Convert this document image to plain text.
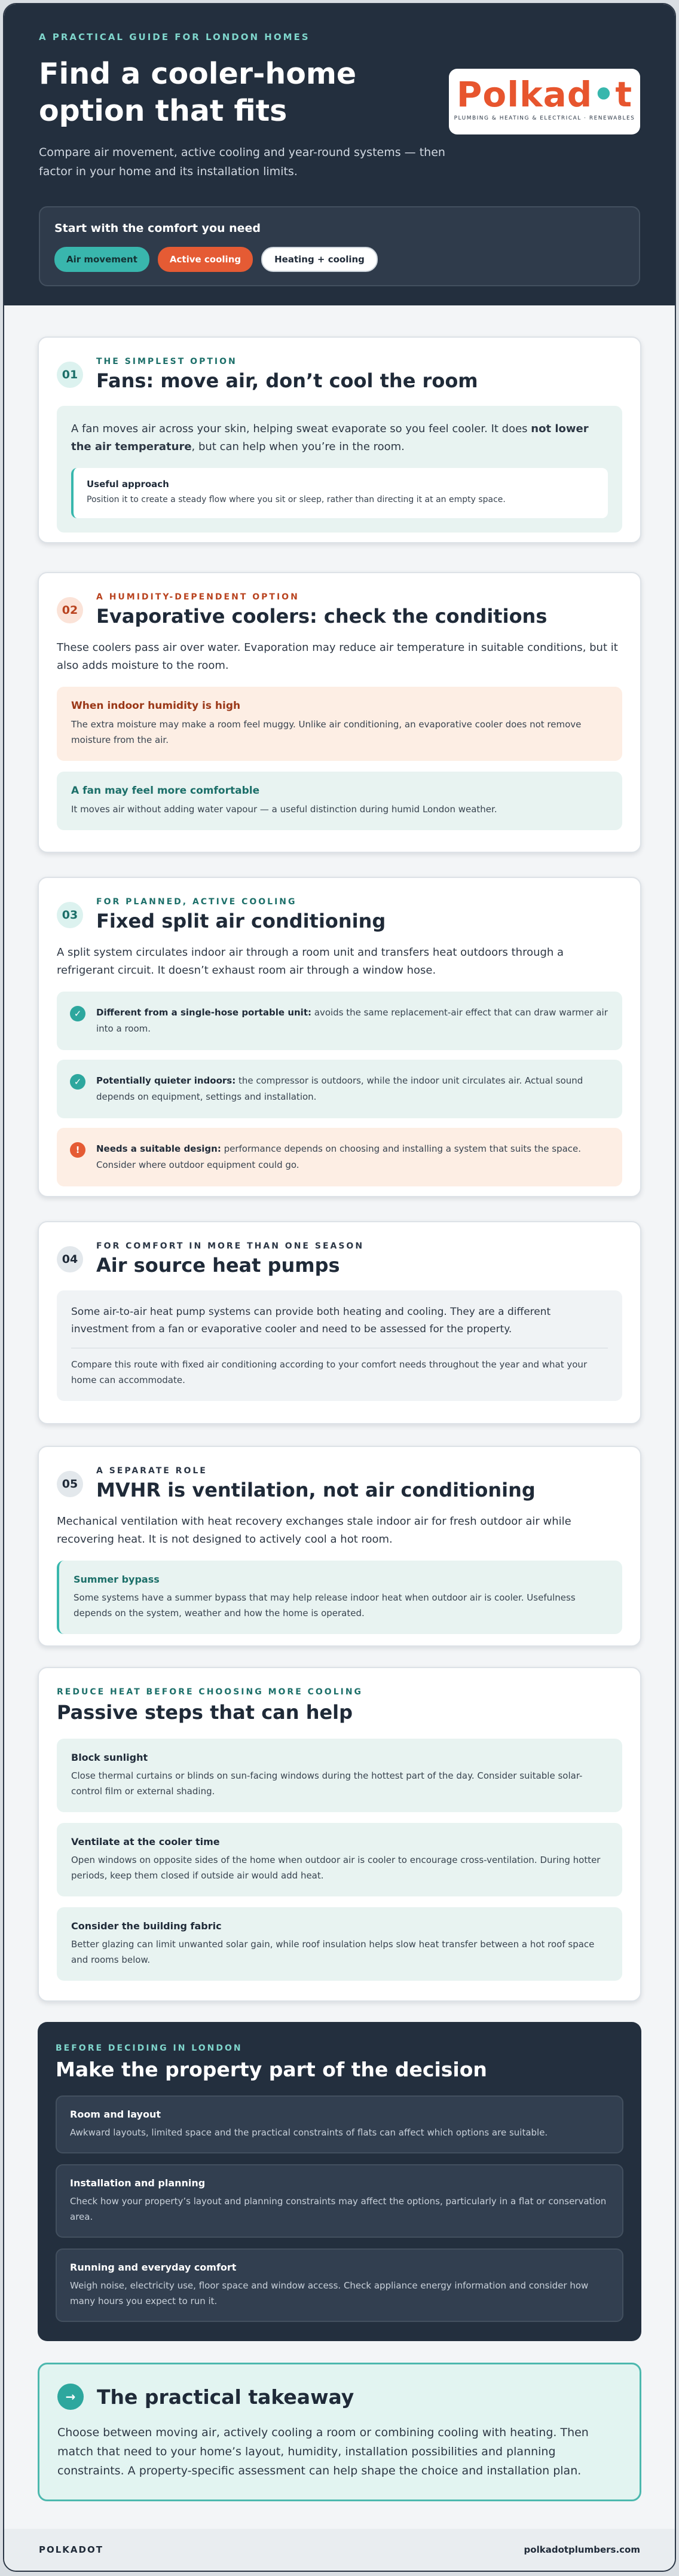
A PRACTICAL GUIDE FOR LONDON HOMES
Find a cooler-home option that fits

Compare air movement, active cooling and year-round systems — then factor in your home and its installation limits.

Polkad•t
PLUMBING & HEATING & ELECTRICAL · RENEWABLES
Start with the comfort you need
Air movement	Active cooling	Heating + cooling
01
THE SIMPLEST OPTION
Fans: move air, don’t cool the room

A fan moves air across your skin, helping sweat evaporate so you feel cooler. It does not lower the air temperature, but can help when you’re in the room.

Useful approach
Position it to create a steady flow where you sit or sleep, rather than directing it at an empty space.
02
A HUMIDITY-DEPENDENT OPTION
Evaporative coolers: check the conditions

These coolers pass air over water. Evaporation may reduce air temperature in suitable conditions, but it also adds moisture to the room.

When indoor humidity is high
The extra moisture may make a room feel muggy. Unlike air conditioning, an evaporative cooler does not remove moisture from the air.
A fan may feel more comfortable
It moves air without adding water vapour — a useful distinction during humid London weather.
03
FOR PLANNED, ACTIVE COOLING
Fixed split air conditioning

A split system circulates indoor air through a room unit and transfers heat outdoors through a refrigerant circuit. It doesn’t exhaust room air through a window hose.

✓	Different from a single-hose portable unit: avoids the same replacement-air effect that can draw warmer air into a room.
✓	Potentially quieter indoors: the compressor is outdoors, while the indoor unit circulates air. Actual sound depends on equipment, settings and installation.
!	Needs a suitable design: performance depends on choosing and installing a system that suits the space. Consider where outdoor equipment could go.
04
FOR COMFORT IN MORE THAN ONE SEASON
Air source heat pumps

Some air-to-air heat pump systems can provide both heating and cooling. They are a different investment from a fan or evaporative cooler and need to be assessed for the property.

Compare this route with fixed air conditioning according to your comfort needs throughout the year and what your home can accommodate.
05
A SEPARATE ROLE
MVHR is ventilation, not air conditioning

Mechanical ventilation with heat recovery exchanges stale indoor air for fresh outdoor air while recovering heat. It is not designed to actively cool a hot room.

Summer bypass
Some systems have a summer bypass that may help release indoor heat when outdoor air is cooler. Usefulness depends on the system, weather and how the home is operated.
REDUCE HEAT BEFORE CHOOSING MORE COOLING
Passive steps that can help
Block sunlight
Close thermal curtains or blinds on sun-facing windows during the hottest part of the day. Consider suitable solar-control film or external shading.
Ventilate at the cooler time
Open windows on opposite sides of the home when outdoor air is cooler to encourage cross-ventilation. During hotter periods, keep them closed if outside air would add heat.
Consider the building fabric
Better glazing can limit unwanted solar gain, while roof insulation helps slow heat transfer between a hot roof space and rooms below.
BEFORE DECIDING IN LONDON
Make the property part of the decision
Room and layout
Awkward layouts, limited space and the practical constraints of flats can affect which options are suitable.
Installation and planning
Check how your property’s layout and planning constraints may affect the options, particularly in a flat or conservation area.
Running and everyday comfort
Weigh noise, electricity use, floor space and window access. Check appliance energy information and consider how many hours you expect to run it.
→	The practical takeaway

Choose between moving air, actively cooling a room or combining cooling with heating. Then match that need to your home’s layout, humidity, installation possibilities and planning constraints. A property-specific assessment can help shape the choice and installation plan.

POLKADOT	polkadotplumbers.com
